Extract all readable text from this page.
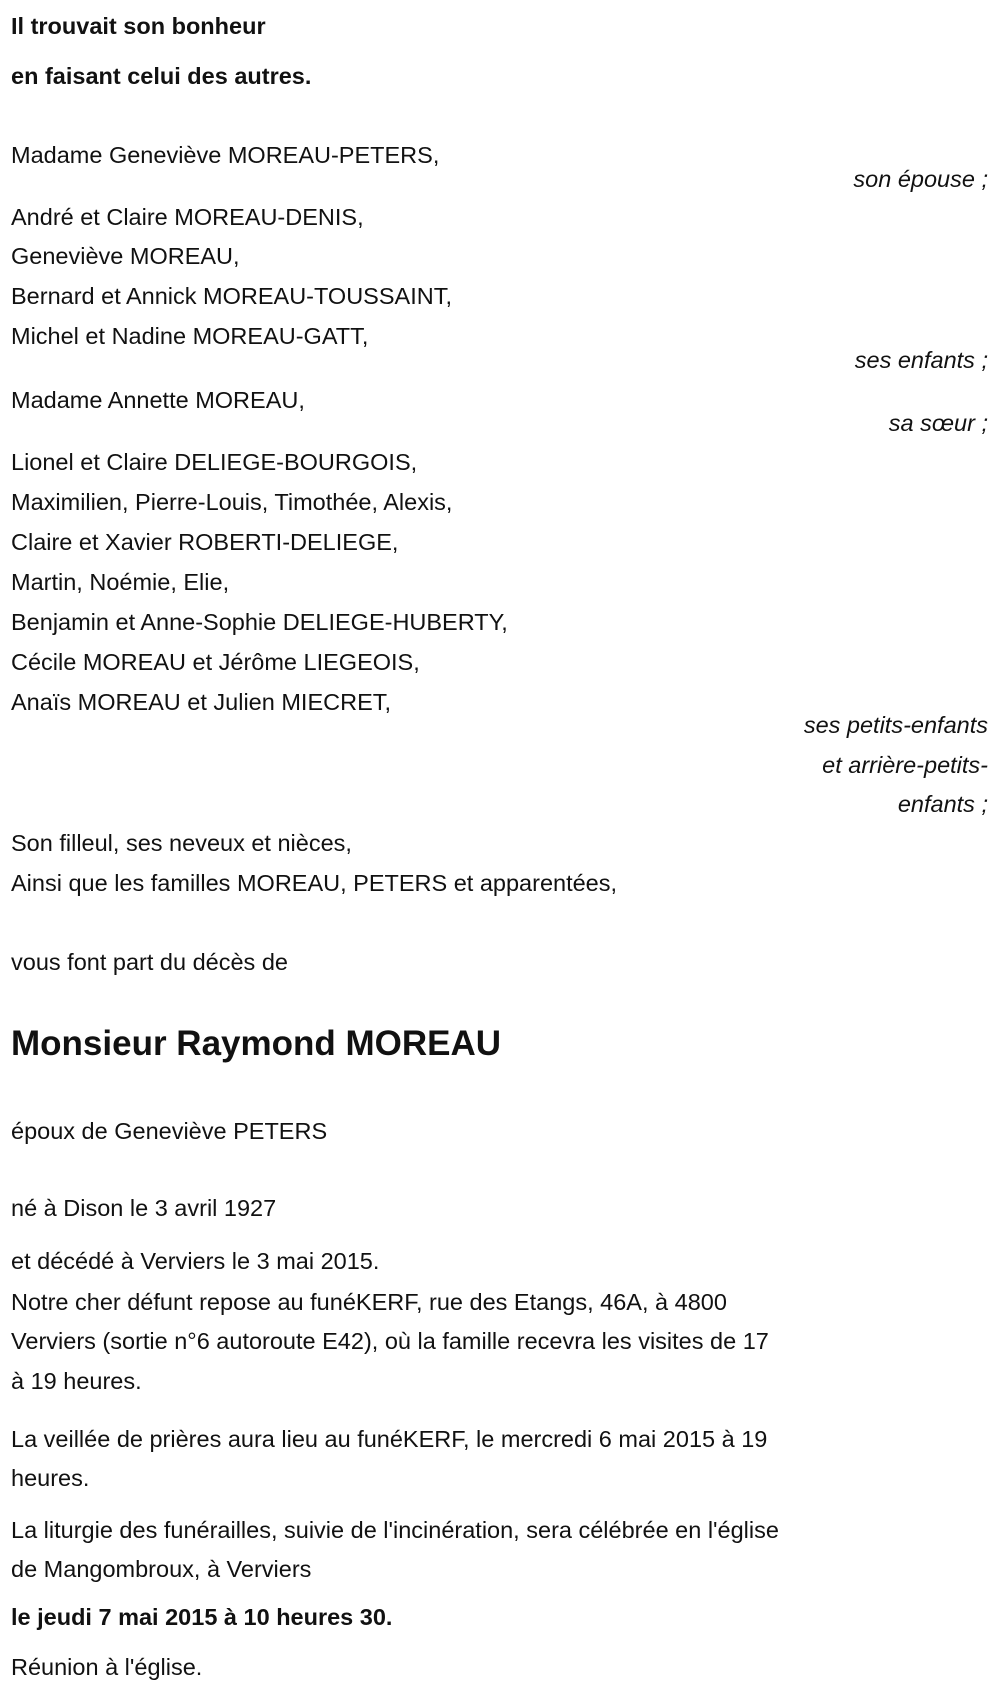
Il trouvait son bonheur
en faisant celui des autres.
Madame Geneviève MOREAU-PETERS,
son épouse ;
André et Claire MOREAU-DENIS,
Geneviève MOREAU,
Bernard et Annick MOREAU-TOUSSAINT,
Michel et Nadine MOREAU-GATT,
ses enfants ;
Madame Annette MOREAU,
sa sœur ;
Lionel et Claire DELIEGE-BOURGOIS,
Maximilien, Pierre-Louis, Timothée, Alexis,
Claire et Xavier ROBERTI-DELIEGE,
Martin, Noémie, Elie,
Benjamin et Anne-Sophie DELIEGE-HUBERTY,
Cécile MOREAU et Jérôme LIEGEOIS,
Anaïs MOREAU et Julien MIECRET,
ses petits-enfants
et arrière-petits-
enfants ;
Son filleul, ses neveux et nièces,
Ainsi que les familles MOREAU, PETERS et apparentées,
vous font part du décès de
Monsieur Raymond MOREAU
époux de Geneviève PETERS
né à Dison le 3 avril 1927
et décédé à Verviers le 3 mai 2015.
Notre cher défunt repose au funéKERF, rue des Etangs, 46A, à 4800
Verviers (sortie n°6 autoroute E42), où la famille recevra les visites de 17
à 19 heures.
La veillée de prières aura lieu au funéKERF, le mercredi 6 mai 2015 à 19
heures.
La liturgie des funérailles, suivie de l'incinération, sera célébrée en l'église
de Mangombroux, à Verviers
le jeudi 7 mai 2015 à 10 heures 30.
Réunion à l'église.
